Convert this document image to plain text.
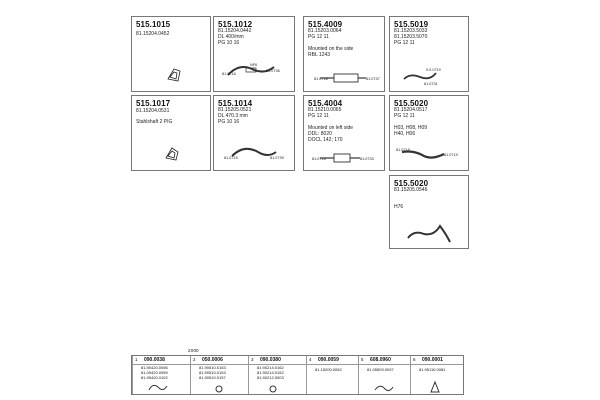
515.1015
81.15204.0452
515.1012
81.15204.0442
DL 400/mm
PG 10 16
81.0716
NF6
81.0736
515.4009
81.15203.0064
PG 12 11
Mounted on the side
RBL 1243
81.0718	81.0737
515.5019
81.15203.5033
81.15203.5070
PG 12 11
0.0.0719
81.0731
515.1017
81.15204.0531
Stahlshaft 2 PIG
515.1014
81.15205.0521
DL 470.3 mm
PG 10 16
81.0715	81.0739
515.4004
81.15210.0065
PG 12 11
Mounted on left side
DDL: 8020
DOCL 142; 170
81.0716	81.0733
515.5020
81.15204.0517
PG 12 11
H03, H08, H09
H40, H06
81.0718
81.0719
515.5020
81.15205.0546
H76
2X00
1 090.0038
81.90420.0056
81.09420.0059
81.95420.0102
2 050.0006
81.90510.0153
81.90510.0153
81.90510.0157
3 090.0380
81.90214.0162
81.90214.0152
81.90212.0003
4 090.0059
81.15200.0052
5 608.0960
81.95503.0097
6 090.0001
81.95110.0081
